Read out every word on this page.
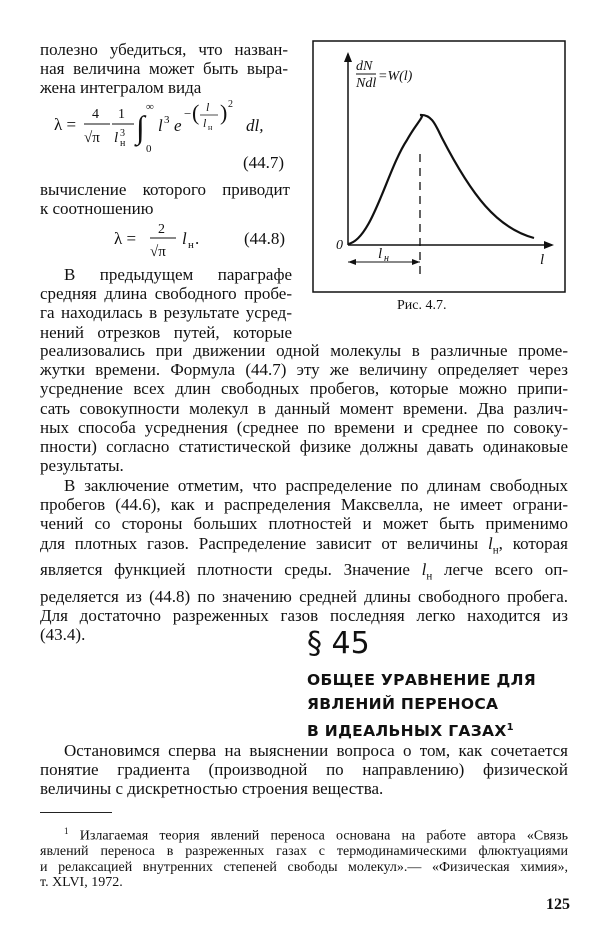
полезно убедиться, что назван-
ная величина может быть выра-
жена интегралом вида
λ =
4
√π
1
l 3
н
∞
∫
0
l 3 e
− ( l
l н
) 2
dl,
(44.7)
вычисление которого приводит
к соотношению
λ = 2
√π
l н .	(44.8)
В предыдущем параграфе
средняя длина свободного пробе-
га находилась в результате усред-
нений отрезков путей, которые
реализовались при движении одной молекулы в различные проме-
жутки времени. Формула (44.7) эту же величину определяет через
усреднение всех длин свободных пробегов, которые можно припи-
сать совокупности молекул в данный момент времени. Два различ-
ных способа усреднения (среднее по времени и среднее по совоку-
пности) согласно статистической физике должны давать одинаковые
результаты.
В заключение отметим, что распределение по длинам свободных
пробегов (44.6), как и распределения Максвелла, не имеет ограни-
чений со стороны больших плотностей и может быть применимо
для плотных газов. Распределение зависит от величины $l_н$, которая
является функцией плотности среды. Значение $l_н$ легче всего оп-
ределяется из (44.8) по значению средней длины свободного пробега.
Для достаточно разреженных газов последняя легко находится из
(43.4).	§ 45
ОБЩЕЕ УРАВНЕНИЕ ДЛЯ
ЯВЛЕНИЙ ПЕРЕНОСА
В ИДЕАЛЬНЫХ ГАЗАХ$^1$
Остановимся сперва на выяснении вопроса о том, как сочетается
понятие градиента (производной по направлению) физической
величины с дискретностью строения вещества.
$^1$ Излагаемая теория явлений переноса основана на работе автора «Связь
явлений переноса в разреженных газах с термодинамическими флюктуациями
и релаксацией внутренних степеней свободы молекул».— «Физическая химия»,
т. XLVI, 1972.
125
dN
Ndl =W(l)
0
l
l н
Рис. 4.7.
